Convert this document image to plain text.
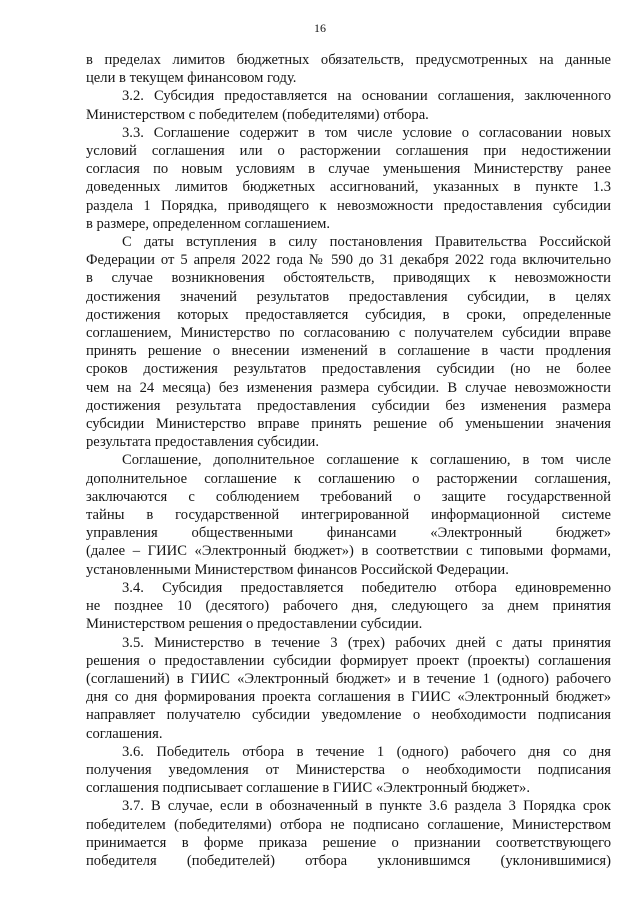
16
в пределах лимитов бюджетных обязательств, предусмотренных на данные
цели в текущем финансовом году.
3.2. Субсидия предоставляется на основании соглашения, заключенного
Министерством с победителем (победителями) отбора.
3.3. Соглашение содержит в том числе условие о согласовании новых
условий соглашения или о расторжении соглашения при недостижении
согласия по новым условиям в случае уменьшения Министерству ранее
доведенных лимитов бюджетных ассигнований, указанных в пункте 1.3
раздела 1 Порядка, приводящего к невозможности предоставления субсидии
в размере, определенном соглашением.
С даты вступления в силу постановления Правительства Российской
Федерации от 5 апреля 2022 года № 590 до 31 декабря 2022 года включительно
в случае возникновения обстоятельств, приводящих к невозможности
достижения значений результатов предоставления субсидии, в целях
достижения которых предоставляется субсидия, в сроки, определенные
соглашением, Министерство по согласованию с получателем субсидии вправе
принять решение о внесении изменений в соглашение в части продления
сроков достижения результатов предоставления субсидии (но не более
чем на 24 месяца) без изменения размера субсидии. В случае невозможности
достижения результата предоставления субсидии без изменения размера
субсидии Министерство вправе принять решение об уменьшении значения
результата предоставления субсидии.
Соглашение, дополнительное соглашение к соглашению, в том числе
дополнительное соглашение к соглашению о расторжении соглашения,
заключаются с соблюдением требований о защите государственной
тайны в государственной интегрированной информационной системе
управления общественными финансами «Электронный бюджет»
(далее – ГИИС «Электронный бюджет») в соответствии с типовыми формами,
установленными Министерством финансов Российской Федерации.
3.4. Субсидия предоставляется победителю отбора единовременно
не позднее 10 (десятого) рабочего дня, следующего за днем принятия
Министерством решения о предоставлении субсидии.
3.5. Министерство в течение 3 (трех) рабочих дней с даты принятия
решения о предоставлении субсидии формирует проект (проекты) соглашения
(соглашений) в ГИИС «Электронный бюджет» и в течение 1 (одного) рабочего
дня со дня формирования проекта соглашения в ГИИС «Электронный бюджет»
направляет получателю субсидии уведомление о необходимости подписания
соглашения.
3.6. Победитель отбора в течение 1 (одного) рабочего дня со дня
получения уведомления от Министерства о необходимости подписания
соглашения подписывает соглашение в ГИИС «Электронный бюджет».
3.7. В случае, если в обозначенный в пункте 3.6 раздела 3 Порядка срок
победителем (победителями) отбора не подписано соглашение, Министерством
принимается в форме приказа решение о признании соответствующего
победителя (победителей) отбора уклонившимся (уклонившимися)
